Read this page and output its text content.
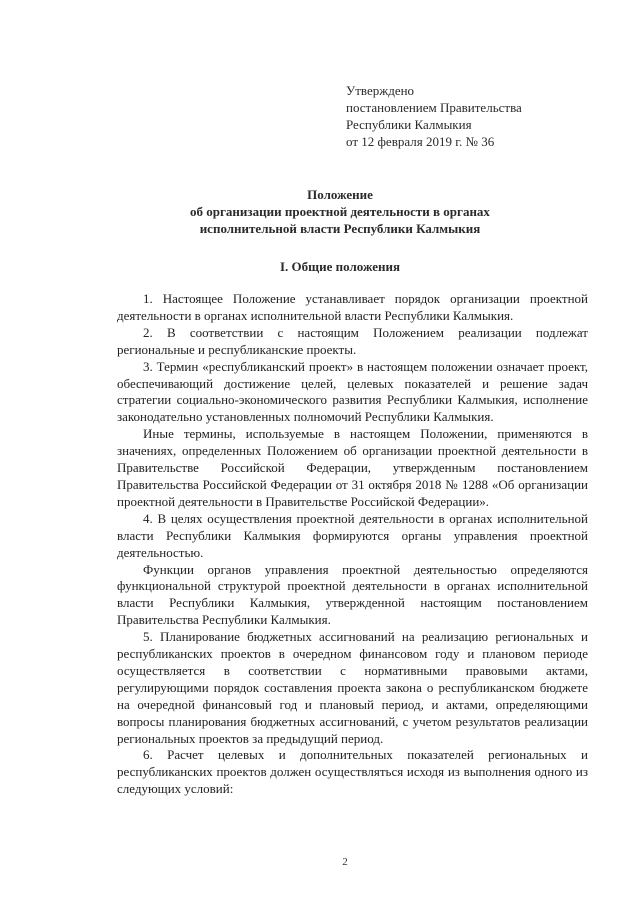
Утверждено
постановлением Правительства
Республики Калмыкия
от 12 февраля 2019 г. № 36
Положение
об организации проектной деятельности в органах
исполнительной власти Республики Калмыкия
I. Общие положения

1. Настоящее Положение устанавливает порядок организации проектной деятельности в органах исполнительной власти Республики Калмыкия.

2. В соответствии с настоящим Положением реализации подлежат региональные и республиканские проекты.

3. Термин «республиканский проект» в настоящем положении означает проект, обеспечивающий достижение целей, целевых показателей и решение задач стратегии социально-экономического развития Республики Калмыкия, исполнение законодательно установленных полномочий Республики Калмыкия.

Иные термины, используемые в настоящем Положении, применяются в значениях, определенных Положением об организации проектной деятельности в Правительстве Российской Федерации, утвержденным постановлением Правительства Российской Федерации от 31 октября 2018 № 1288 «Об организации проектной деятельности в Правительстве Российской Федерации».

4. В целях осуществления проектной деятельности в органах исполнительной власти Республики Калмыкия формируются органы управления проектной деятельностью.

Функции органов управления проектной деятельностью определяются функциональной структурой проектной деятельности в органах исполнительной власти Республики Калмыкия, утвержденной настоящим постановлением Правительства Республики Калмыкия.

5. Планирование бюджетных ассигнований на реализацию региональных и республиканских проектов в очередном финансовом году и плановом периоде осуществляется в соответствии с нормативными правовыми актами, регулирующими порядок составления проекта закона о республиканском бюджете на очередной финансовый год и плановый период, и актами, определяющими вопросы планирования бюджетных ассигнований, с учетом результатов реализации региональных проектов за предыдущий период.

6. Расчет целевых и дополнительных показателей региональных и республиканских проектов должен осуществляться исходя из выполнения одного из следующих условий:

2
